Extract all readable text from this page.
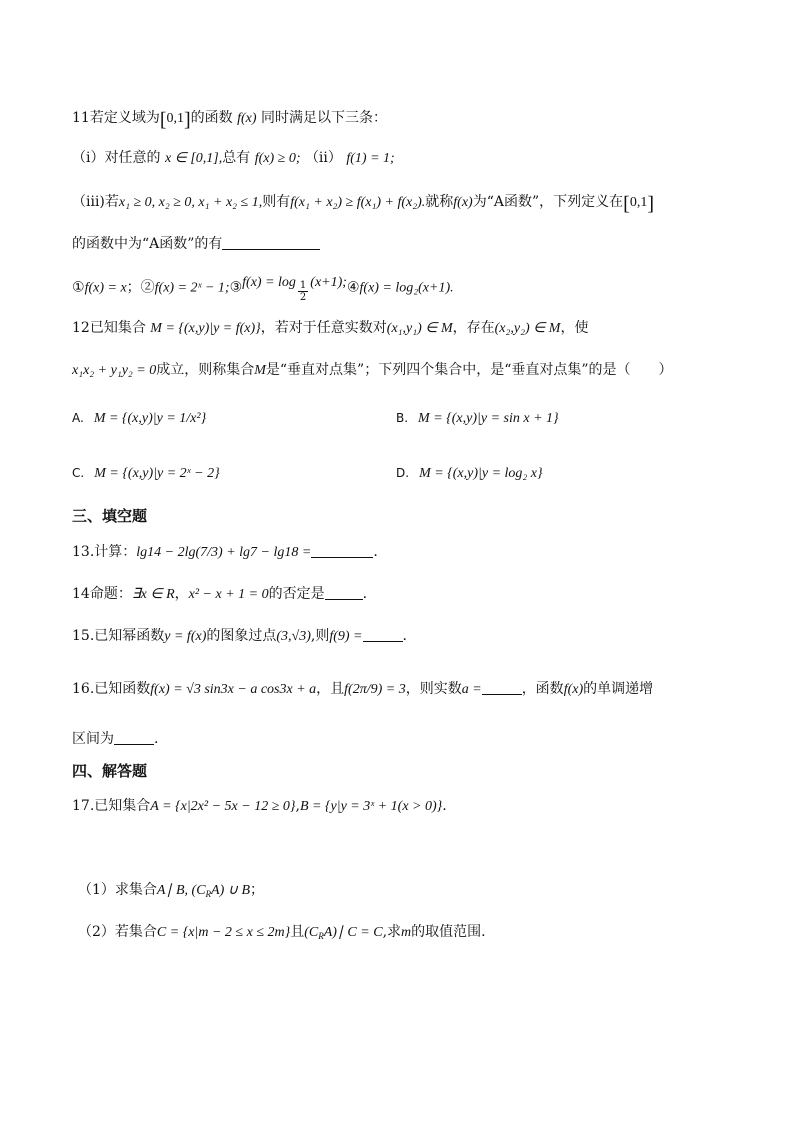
11若定义域为[0,1]的函数 f(x) 同时满足以下三条：
（ⅰ）对任意的 x ∈ [0,1],总有 f(x) ≥ 0; （ⅱ） f(1) = 1;
（ⅲ)若x₁ ≥ 0, x₂ ≥ 0, x₁ + x₂ ≤ 1,则有f(x₁ + x₂) ≥ f(x₁) + f(x₂).就称f(x)为“A函数”，下列定义在[0,1]
的函数中为“A函数”的有
①f(x) = x；②f(x) = 2ˣ − 1;③f(x) = $\log \frac{1}{2}$ (x+1);④f(x) = log₂(x+1).
12已知集合 M = {(x,y)|y = f(x)}，若对于任意实数对(x₁,y₁) ∈ M，存在(x₂,y₂) ∈ M，使
x₁x₂ + y₁y₂ = 0成立，则称集合M是“垂直对点集”；下列四个集合中，是“垂直对点集”的是（　　）
A. M = {(x,y)|y = 1/x²}	B. M = {(x,y)|y = sin x + 1}
C. M = {(x,y)|y = 2ˣ − 2}	D. M = {(x,y)|y = log₂ x}
三、填空题
13.计算：lg14 − 2lg(7/3) + lg7 − lg18 =	.
14命题：∃x ∈ R，x² − x + 1 = 0的否定是	.
15.已知幂函数y = f(x)的图象过点(3,√3),则f(9) =	.
16.已知函数f(x) = √3 sin3x − a cos3x + a，且f(2π/9) = 3，则实数a =	，函数f(x)的单调递增
区间为	.
四、解答题
17.已知集合A = {x|2x² − 5x − 12 ≥ 0},B = {y|y = 3ˣ + 1(x > 0)}.
（1）求集合A∣ B, $(C_RA)$ ∪ B；
（2）若集合C = {x|m − 2 ≤ x ≤ 2m}且$(C_RA)∣$ C = C,求m的取值范围.
